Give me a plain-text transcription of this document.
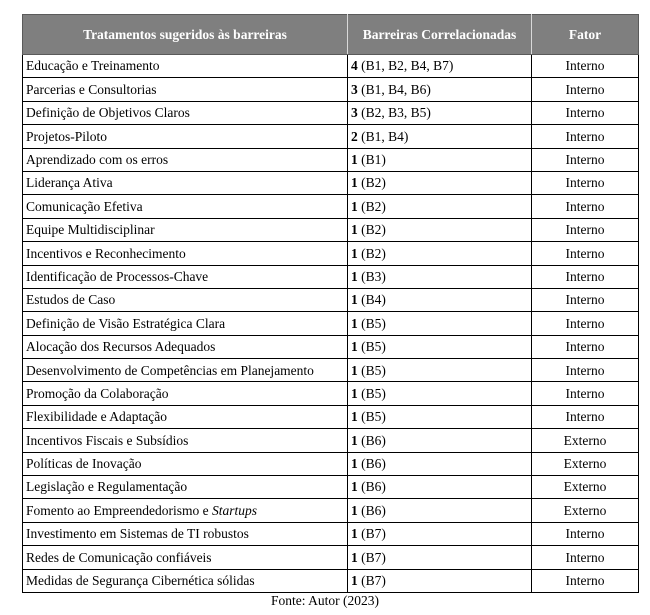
Tratamentos sugeridos às barreiras	Barreiras Correlacionadas	Fator
Educação e Treinamento	4 (B1, B2, B4, B7)	Interno
Parcerias e Consultorias	3 (B1, B4, B6)	Interno
Definição de Objetivos Claros	3 (B2, B3, B5)	Interno
Projetos-Piloto	2 (B1, B4)	Interno
Aprendizado com os erros	1 (B1)	Interno
Liderança Ativa	1 (B2)	Interno
Comunicação Efetiva	1 (B2)	Interno
Equipe Multidisciplinar	1 (B2)	Interno
Incentivos e Reconhecimento	1 (B2)	Interno
Identificação de Processos-Chave	1 (B3)	Interno
Estudos de Caso	1 (B4)	Interno
Definição de Visão Estratégica Clara	1 (B5)	Interno
Alocação dos Recursos Adequados	1 (B5)	Interno
Desenvolvimento de Competências em Planejamento	1 (B5)	Interno
Promoção da Colaboração	1 (B5)	Interno
Flexibilidade e Adaptação	1 (B5)	Interno
Incentivos Fiscais e Subsídios	1 (B6)	Externo
Políticas de Inovação	1 (B6)	Externo
Legislação e Regulamentação	1 (B6)	Externo
Fomento ao Empreendedorismo e Startups	1 (B6)	Externo
Investimento em Sistemas de TI robustos	1 (B7)	Interno
Redes de Comunicação confiáveis	1 (B7)	Interno
Medidas de Segurança Cibernética sólidas	1 (B7)	Interno
Fonte: Autor (2023)
